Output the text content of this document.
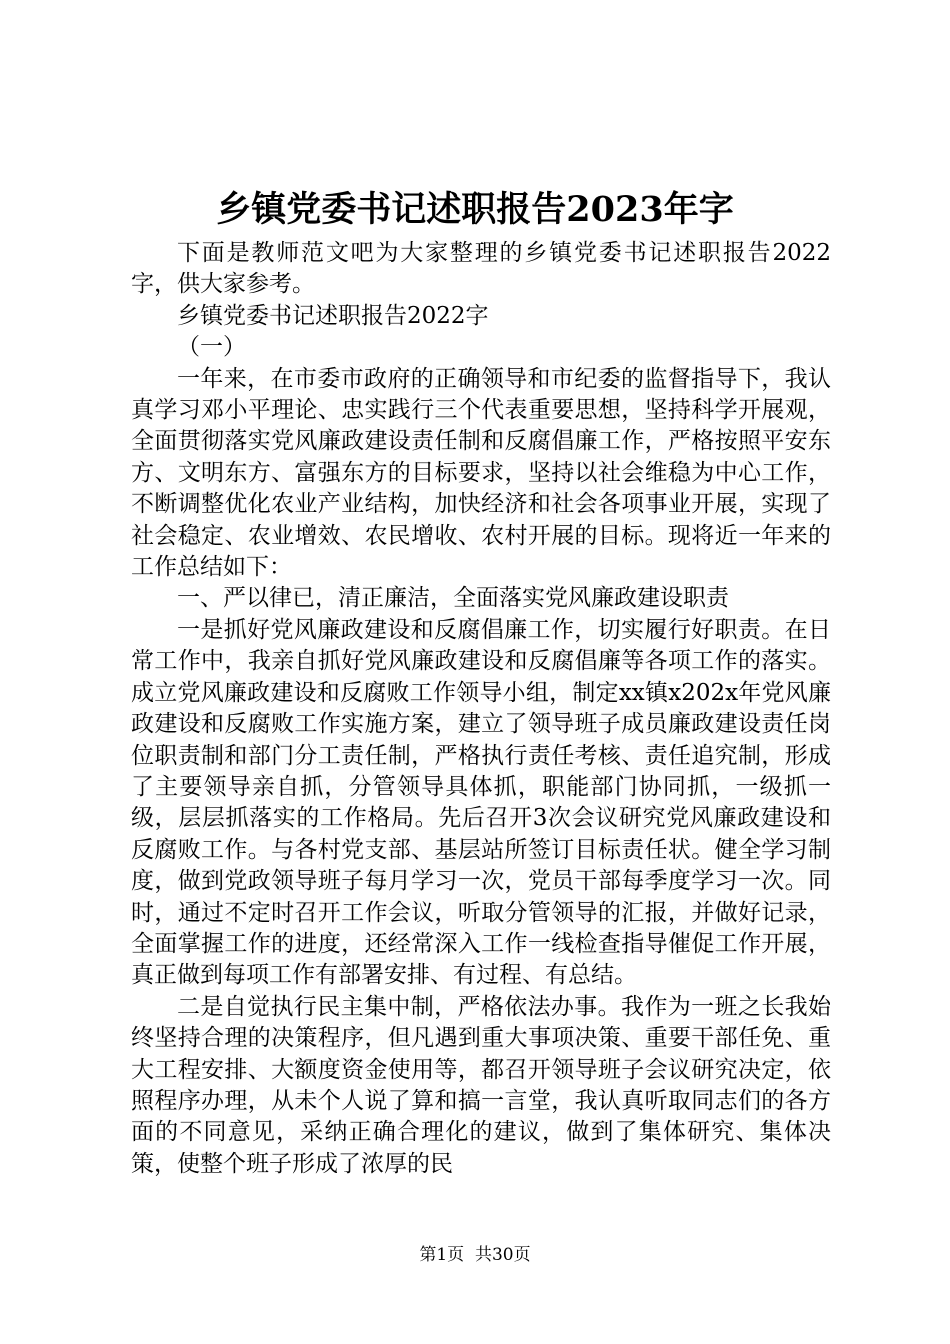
乡镇党委书记述职报告2023年字

下面是教师范文吧为大家整理的乡镇党委书记述职报告2022字，供大家参考。

乡镇党委书记述职报告2022字

（一）

一年来，在市委市政府的正确领导和市纪委的监督指导下，我认真学习邓小平理论、忠实践行三个代表重要思想，坚持科学开展观，全面贯彻落实党风廉政建设责任制和反腐倡廉工作，严格按照平安东方、文明东方、富强东方的目标要求，坚持以社会维稳为中心工作，不断调整优化农业产业结构，加快经济和社会各项事业开展，实现了社会稳定、农业增效、农民增收、农村开展的目标。现将近一年来的工作总结如下：

一、严以律已，清正廉洁，全面落实党风廉政建设职责

一是抓好党风廉政建设和反腐倡廉工作，切实履行好职责。在日常工作中，我亲自抓好党风廉政建设和反腐倡廉等各项工作的落实。成立党风廉政建设和反腐败工作领导小组，制定xx镇x202x年党风廉政建设和反腐败工作实施方案，建立了领导班子成员廉政建设责任岗位职责制和部门分工责任制，严格执行责任考核、责任追究制，形成了主要领导亲自抓，分管领导具体抓，职能部门协同抓，一级抓一级，层层抓落实的工作格局。先后召开3次会议研究党风廉政建设和反腐败工作。与各村党支部、基层站所签订目标责任状。健全学习制度，做到党政领导班子每月学习一次，党员干部每季度学习一次。同时，通过不定时召开工作会议，听取分管领导的汇报，并做好记录，全面掌握工作的进度，还经常深入工作一线检查指导催促工作开展，真正做到每项工作有部署安排、有过程、有总结。

二是自觉执行民主集中制，严格依法办事。我作为一班之长我始终坚持合理的决策程序，但凡遇到重大事项决策、重要干部任免、重大工程安排、大额度资金使用等，都召开领导班子会议研究决定，依照程序办理，从未个人说了算和搞一言堂，我认真听取同志们的各方面的不同意见，采纳正确合理化的建议，做到了集体研究、集体决策，使整个班子形成了浓厚的民

第1页  共30页
